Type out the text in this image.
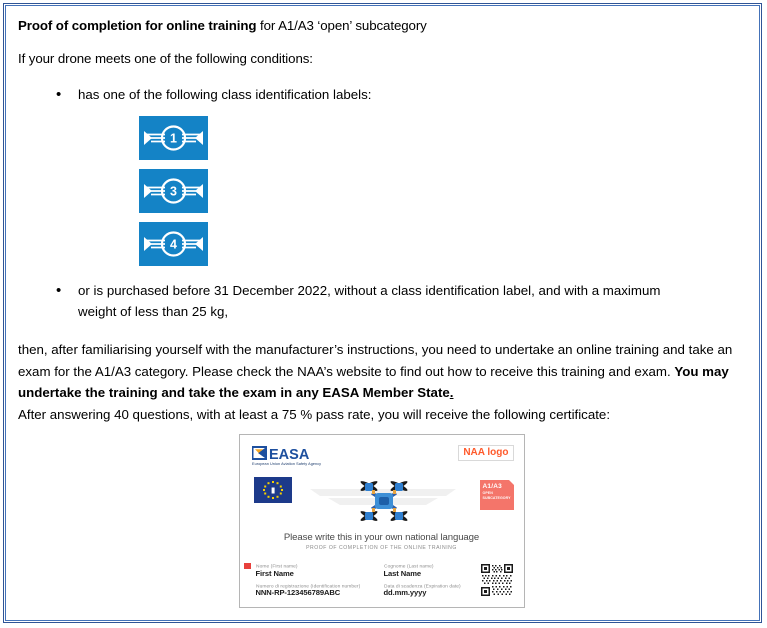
Proof of completion for online training for A1/A3 ‘open’ subcategory

If your drone meets one of the following conditions:

•	has one of the following class identification labels:
1
3
4
•	or is purchased before 31 December 2022, without a class identification label, and with a maximum weight of less than 25 kg,

then, after familiarising yourself with the manufacturer’s instructions, you need to undertake an online training and take an exam for the A1/A3 category. Please check the NAA’s website to find out how to receive this training and exam. You may undertake the training and take the exam in any EASA Member State.

After answering 40 questions, with at least a 75 % pass rate, you will receive the following certificate:

EASA
European Union Aviation Safety Agency
NAA logo
A1/A3
OPEN SUBCATEGORY
Please write this in your own national language
PROOF OF COMPLETION OF THE ONLINE TRAINING
Nome (First name)
First Name
Numero di registrazione (Identification number)
NNN-RP-123456789ABC
Cognome (Last name)
Last Name
Data di scadenza (Expiration date)
dd.mm.yyyy
